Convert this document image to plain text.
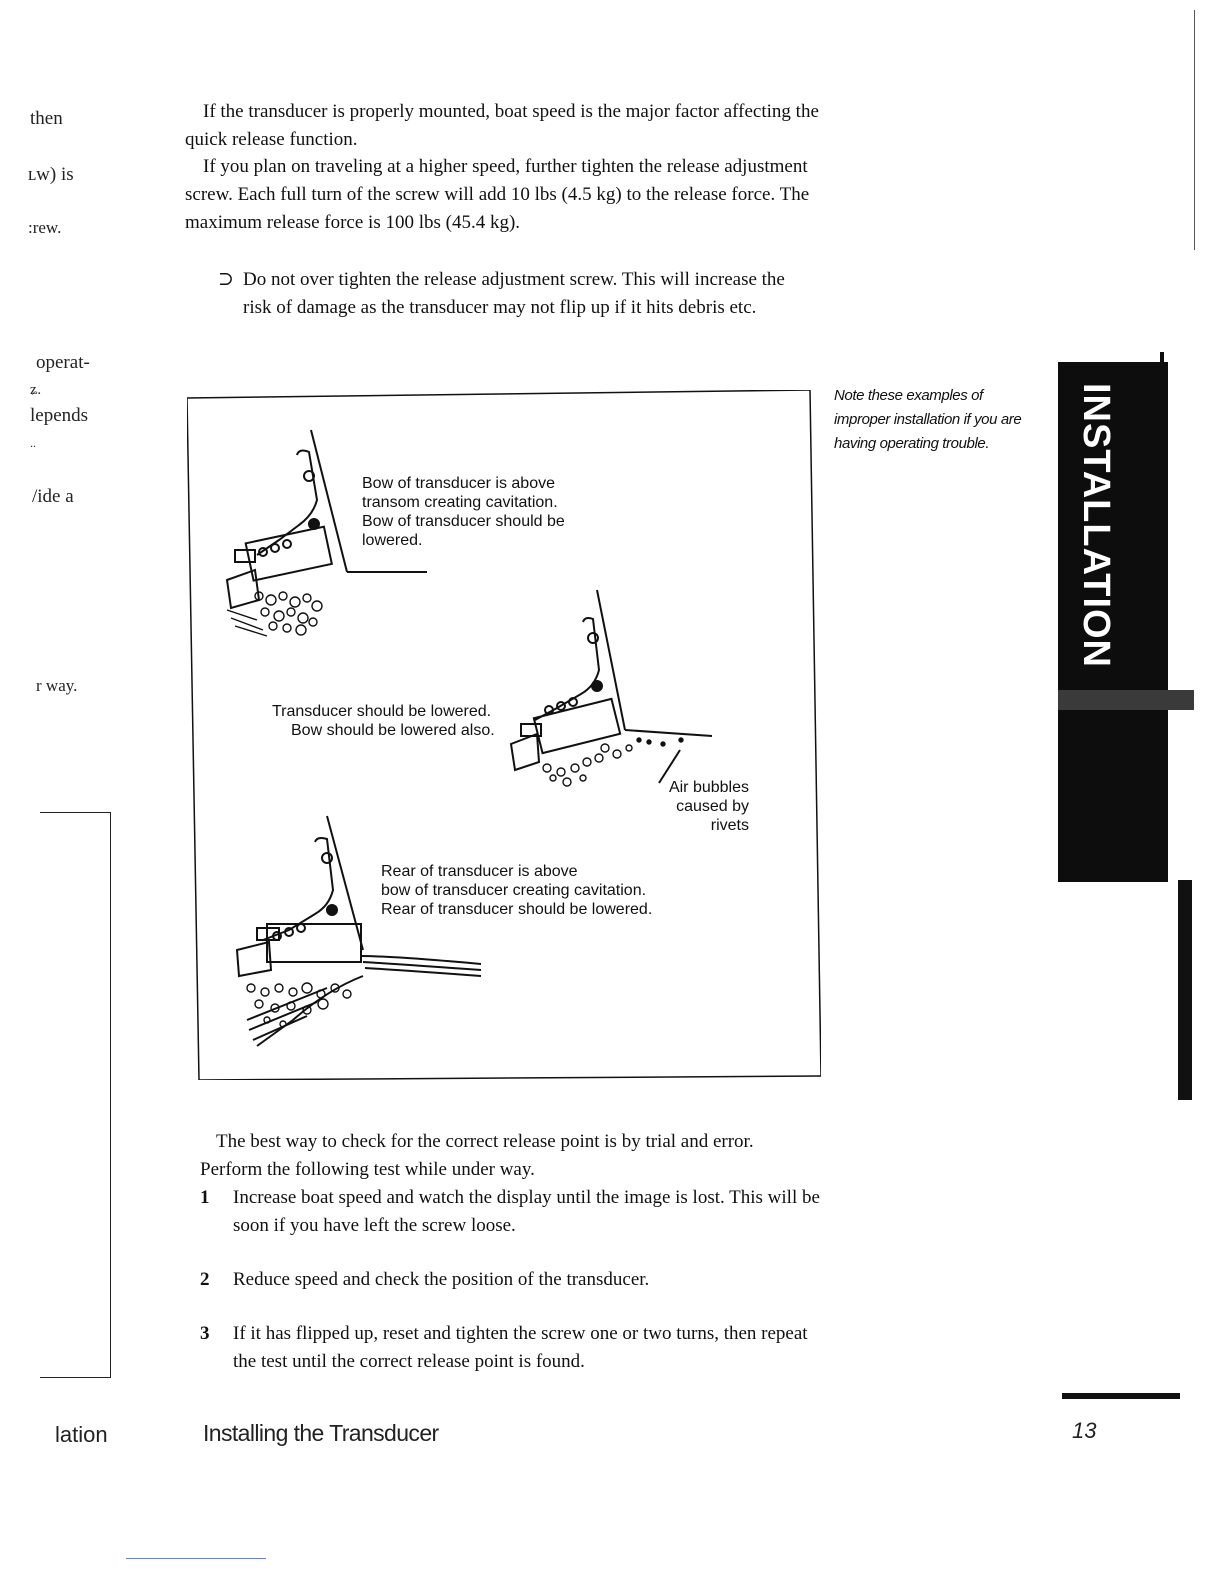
then
ʟw) is
:rew.
operat-
ʑ.
lepends
..
/ide a
r way.

If the transducer is properly mounted, boat speed is the major factor affecting the quick release function.

If you plan on traveling at a higher speed, further tighten the release adjustment screw. Each full turn of the screw will add 10 lbs (4.5 kg) to the release force. The maximum release force is 100 lbs (45.4 kg).

⊃ Do not over tighten the release adjustment screw. This will increase the risk of damage as the transducer may not flip up if it hits debris etc.
Bow of transducer is above
transom creating cavitation.
Bow of transducer should be
lowered.
Transducer should be lowered.
Bow should be lowered also.
Air bubbles
caused by
rivets
Rear of transducer is above
bow of transducer creating cavitation.
Rear of transducer should be lowered.
Note these examples of improper installation if you are having operating trouble.	INSTALLATION

The best way to check for the correct release point is by trial and error. Perform the following test while under way.

1 Increase boat speed and watch the display until the image is lost. This will be soon if you have left the screw loose.
2 Reduce speed and check the position of the transducer.
3 If it has flipped up, reset and tighten the screw one or two turns, then repeat the test until the correct release point is found.
lation	Installing the Transducer	13
